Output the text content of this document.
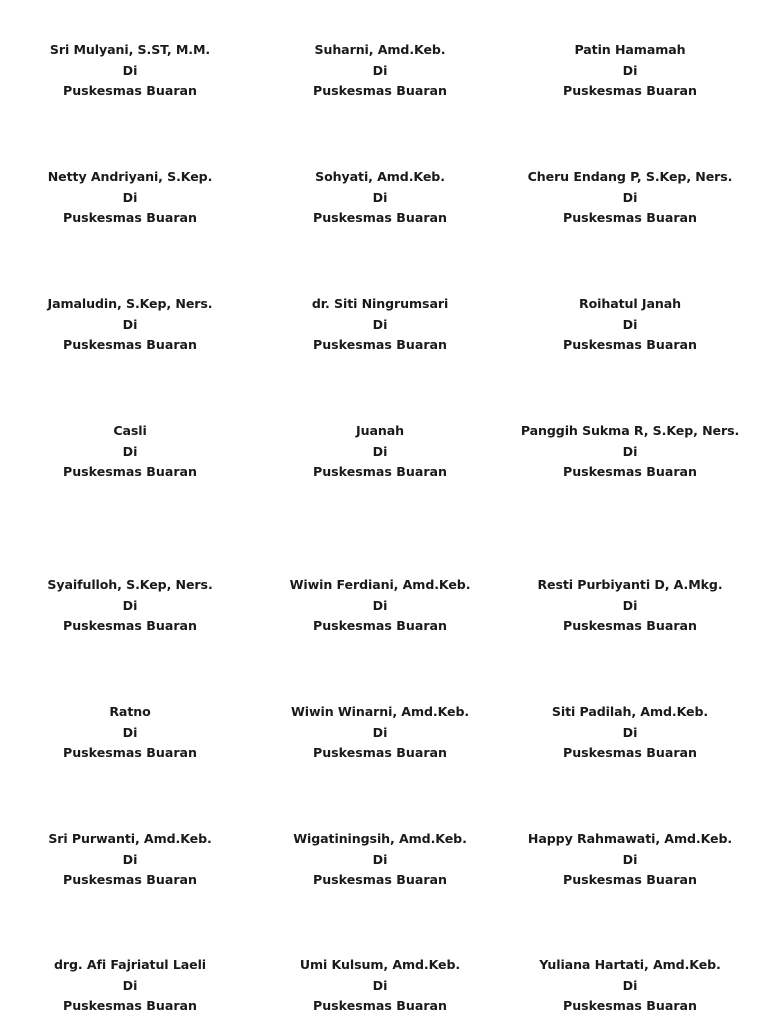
Sri Mulyani, S.ST, M.M.
Di
Puskesmas Buaran
Suharni, Amd.Keb.
Di
Puskesmas Buaran
Patin Hamamah
Di
Puskesmas Buaran
Netty Andriyani, S.Kep.
Di
Puskesmas Buaran
Sohyati, Amd.Keb.
Di
Puskesmas Buaran
Cheru Endang P, S.Kep, Ners.
Di
Puskesmas Buaran
Jamaludin, S.Kep, Ners.
Di
Puskesmas Buaran
dr. Siti Ningrumsari
Di
Puskesmas Buaran
Roihatul Janah
Di
Puskesmas Buaran
Casli
Di
Puskesmas Buaran
Juanah
Di
Puskesmas Buaran
Panggih Sukma R, S.Kep, Ners.
Di
Puskesmas Buaran
Syaifulloh, S.Kep, Ners.
Di
Puskesmas Buaran
Wiwin Ferdiani, Amd.Keb.
Di
Puskesmas Buaran
Resti Purbiyanti D, A.Mkg.
Di
Puskesmas Buaran
Ratno
Di
Puskesmas Buaran
Wiwin Winarni, Amd.Keb.
Di
Puskesmas Buaran
Siti Padilah, Amd.Keb.
Di
Puskesmas Buaran
Sri Purwanti, Amd.Keb.
Di
Puskesmas Buaran
Wigatiningsih, Amd.Keb.
Di
Puskesmas Buaran
Happy Rahmawati, Amd.Keb.
Di
Puskesmas Buaran
drg. Afi Fajriatul Laeli
Di
Puskesmas Buaran
Umi Kulsum, Amd.Keb.
Di
Puskesmas Buaran
Yuliana Hartati, Amd.Keb.
Di
Puskesmas Buaran
